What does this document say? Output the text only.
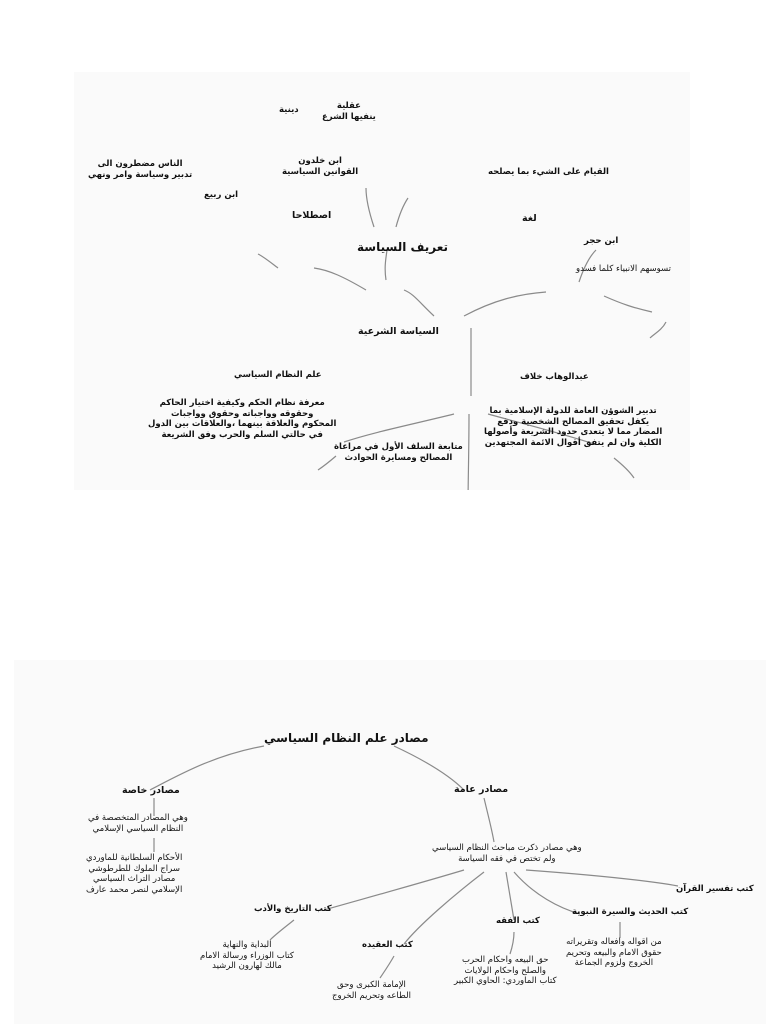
تعريف السياسة
لغة
القيام على الشيء بما يصلحه
ابن حجر
تسوسهم الانبياء كلما فسدو
اصطلاحا
ابن خلدون
القوانين السياسية
دينية	عقلية
ينفيها الشرع
ابن ربيع
الناس مضطرون الى
تدبير وسياسة وامر ونهي
السياسة الشرعية
علم النظام السياسي
معرفة نظام الحكم وكيفية اختيار الحاكم
وحقوقه وواجباته وحقوق وواجبات
المحكوم والعلاقة بينهما ،والعلاقات بين الدول
في حالتي السلم والحرب وفق الشريعة
متابعة السلف الأول في مراعاة
المصالح ومسايرة الحوادث
عبدالوهاب خلاف
تدبير الشوؤن العامة للدولة الإسلامية بما
يكفل تحقيق المصالح الشخصية ودفع
المضار مما لا يتعدى حدود الشريعة وأصولها
الكلية وان لم يتفق أقوال الائمة المجتهدين
مصادر علم النظام السياسي
مصادر خاصة
وهي المصادر المتخصصة في
النظام السياسي الإسلامي
الأحكام السلطانية للماوردي
سراج الملوك للطرطوشي
مصادر التراث السياسي
الإسلامي لنصر محمد عارف
مصادر عامة
وهي مصادر ذكرت مباحث النظام السياسي
ولم تختص في فقه السياسة
كتب تفسير القرآن
كتب الحديث والسيرة النبوية
من اقواله وافعاله وتقريراته
حقوق الامام والبيعه وتحريم
الخروج ولزوم الجماعة
كتب الفقه
حق البيعه واحكام الحرب
والصلح واحكام الولايات
كتاب الماوردي: الحاوي الكبير
كتب العقيده
الإمامة الكبرى وحق
الطاعه وتحريم الخروج
كتب التاريخ والأدب
البداية والنهاية
كتاب الوزراء ورسالة الامام
مالك لهارون الرشيد
